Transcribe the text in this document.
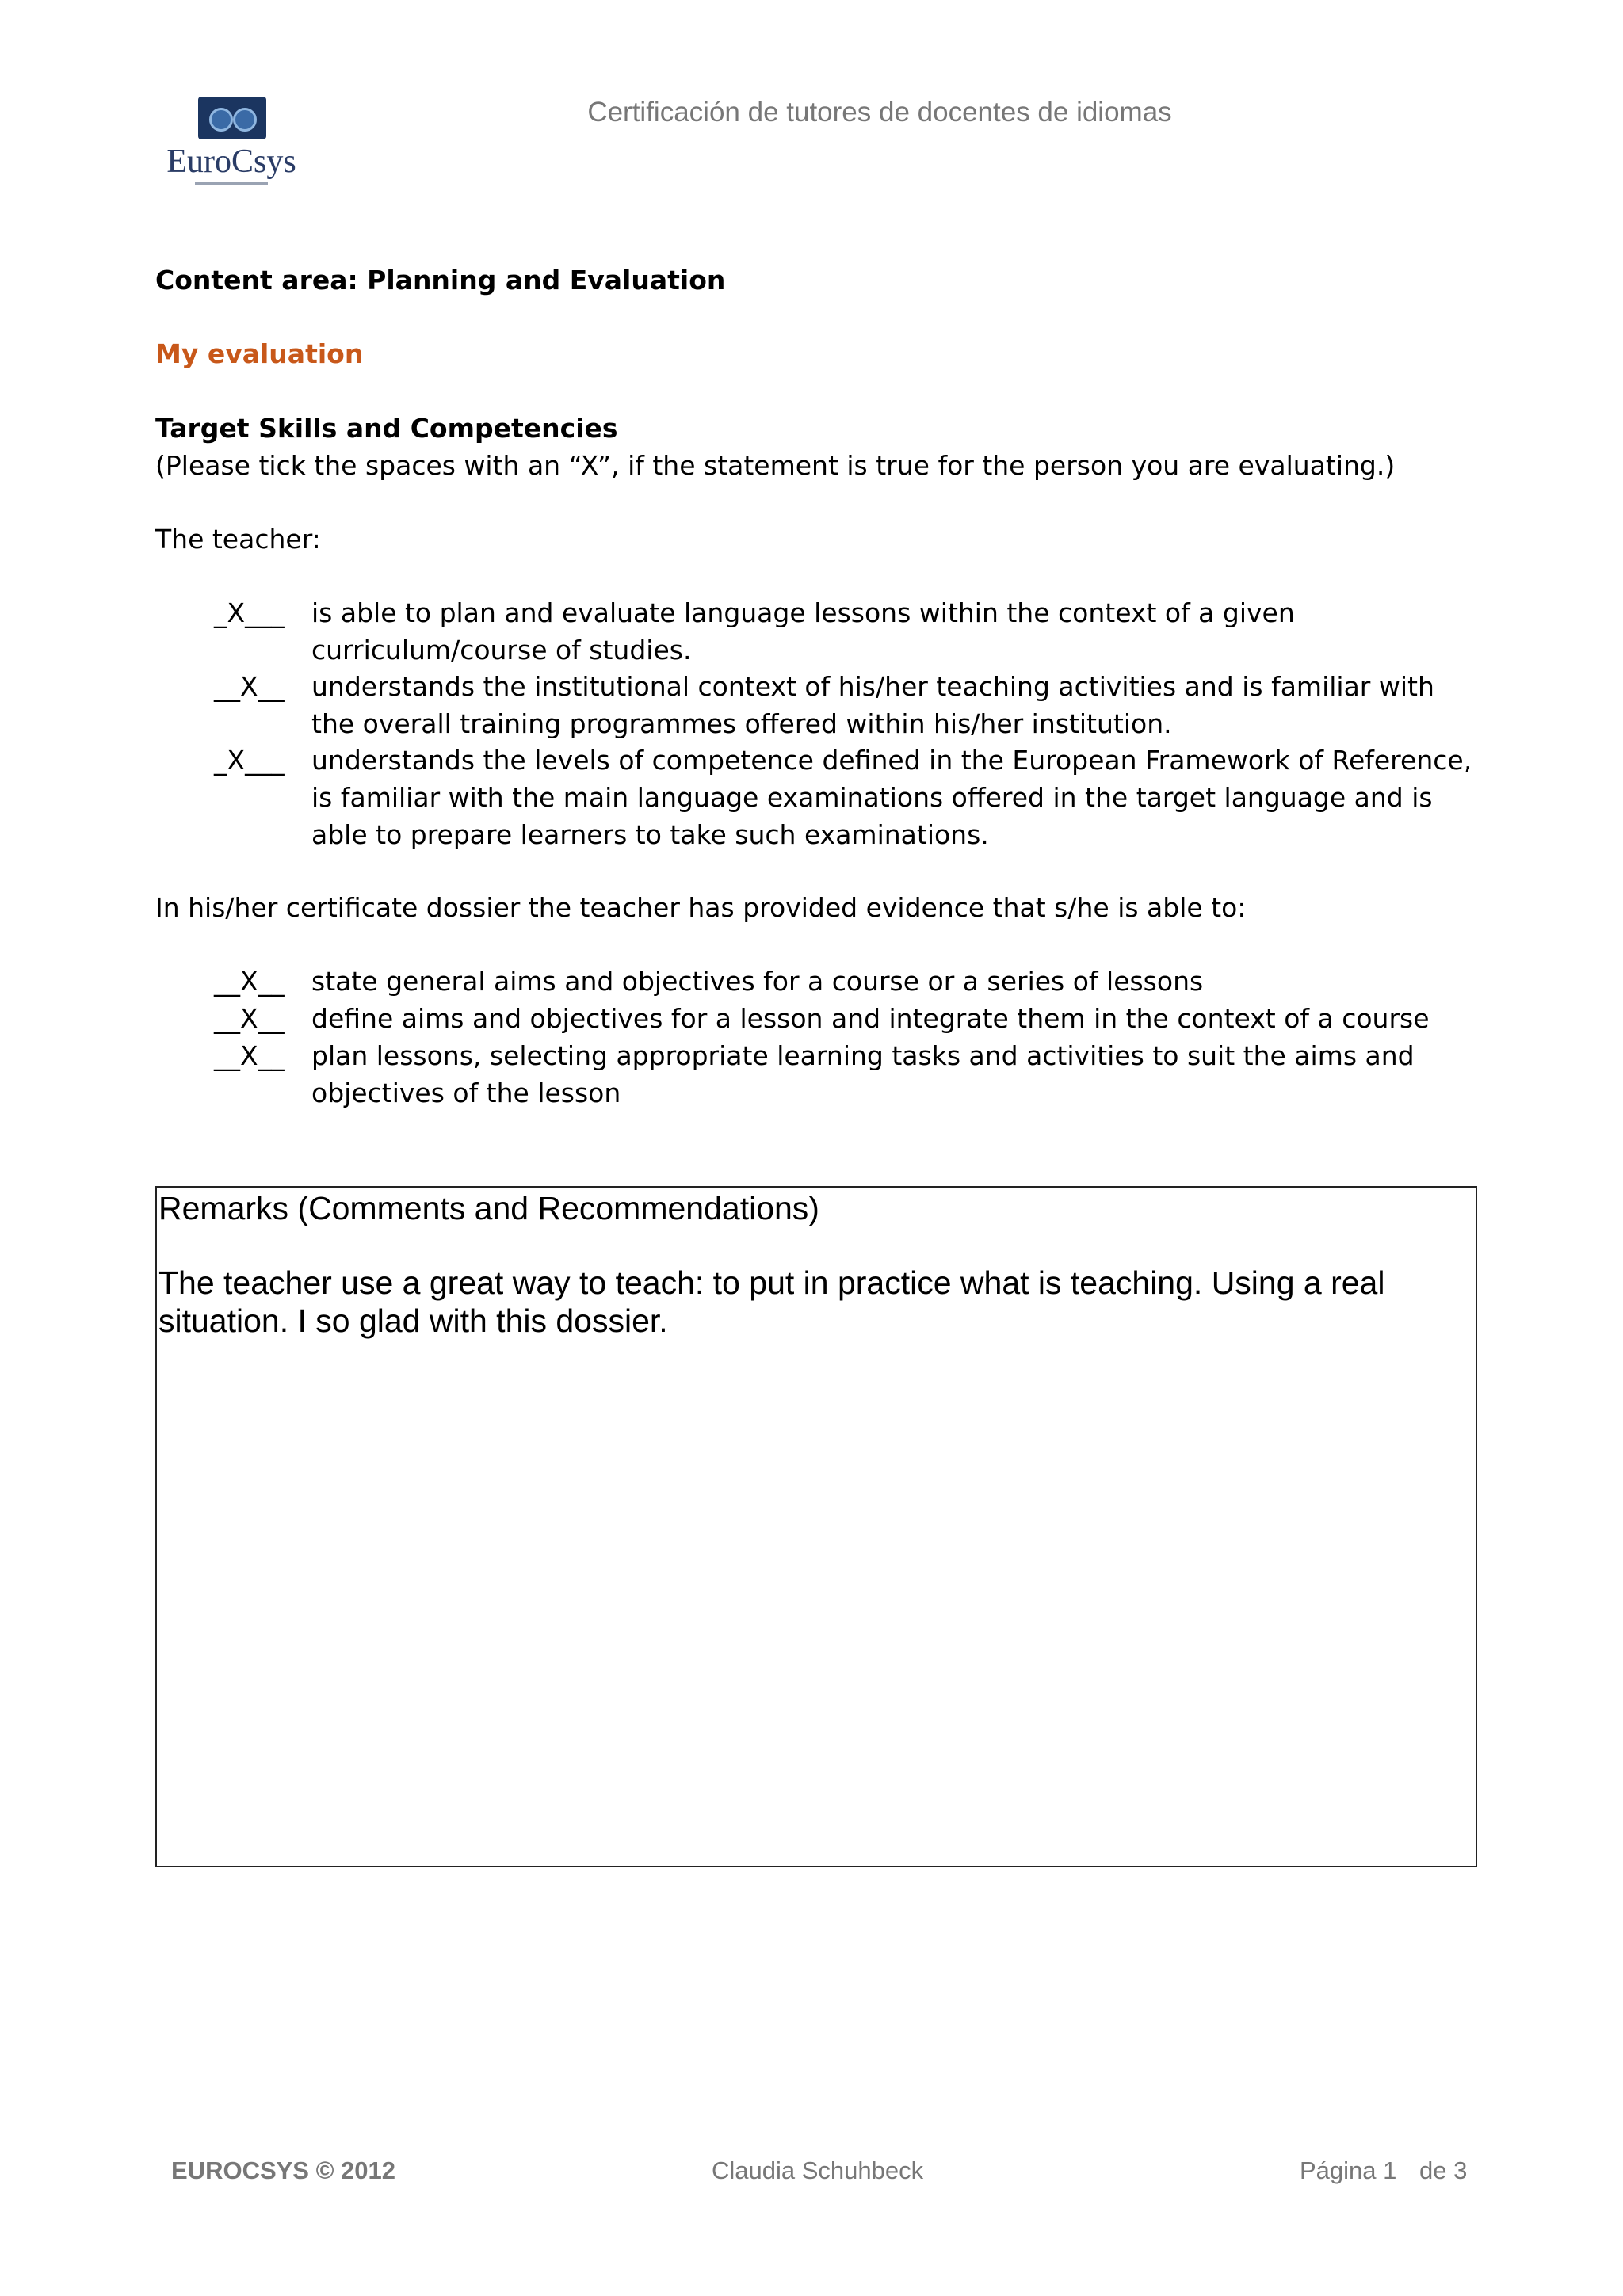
EuroCsys
Certificación de tutores de docentes de idiomas
Content area: Planning and Evaluation
My evaluation
Target Skills and Competencies
(Please tick the spaces with an “X”, if the statement is true for the person you are evaluating.)
The teacher:
_X___	is able to plan and evaluate language lessons within the context of a given curriculum/course of studies.
__X__	understands the institutional context of his/her teaching activities and is familiar with the overall training programmes offered within his/her institution.
_X___	understands the levels of competence defined in the European Framework of Reference, is familiar with the main language examinations offered in the target language and is able to prepare learners to take such examinations.
In his/her certificate dossier the teacher has provided evidence that s/he is able to:
__X__	state general aims and objectives for a course or a series of lessons
__X__	define aims and objectives for a lesson and integrate them in the context of a course
__X__	plan lessons, selecting appropriate learning tasks and activities to suit the aims and objectives of the lesson
Remarks (Comments and Recommendations)
The teacher use a great way to teach: to put in practice what is teaching. Using a real situation. I so glad with this dossier.
EUROCSYS © 2012	Claudia Schuhbeck	Página 1 de 3
